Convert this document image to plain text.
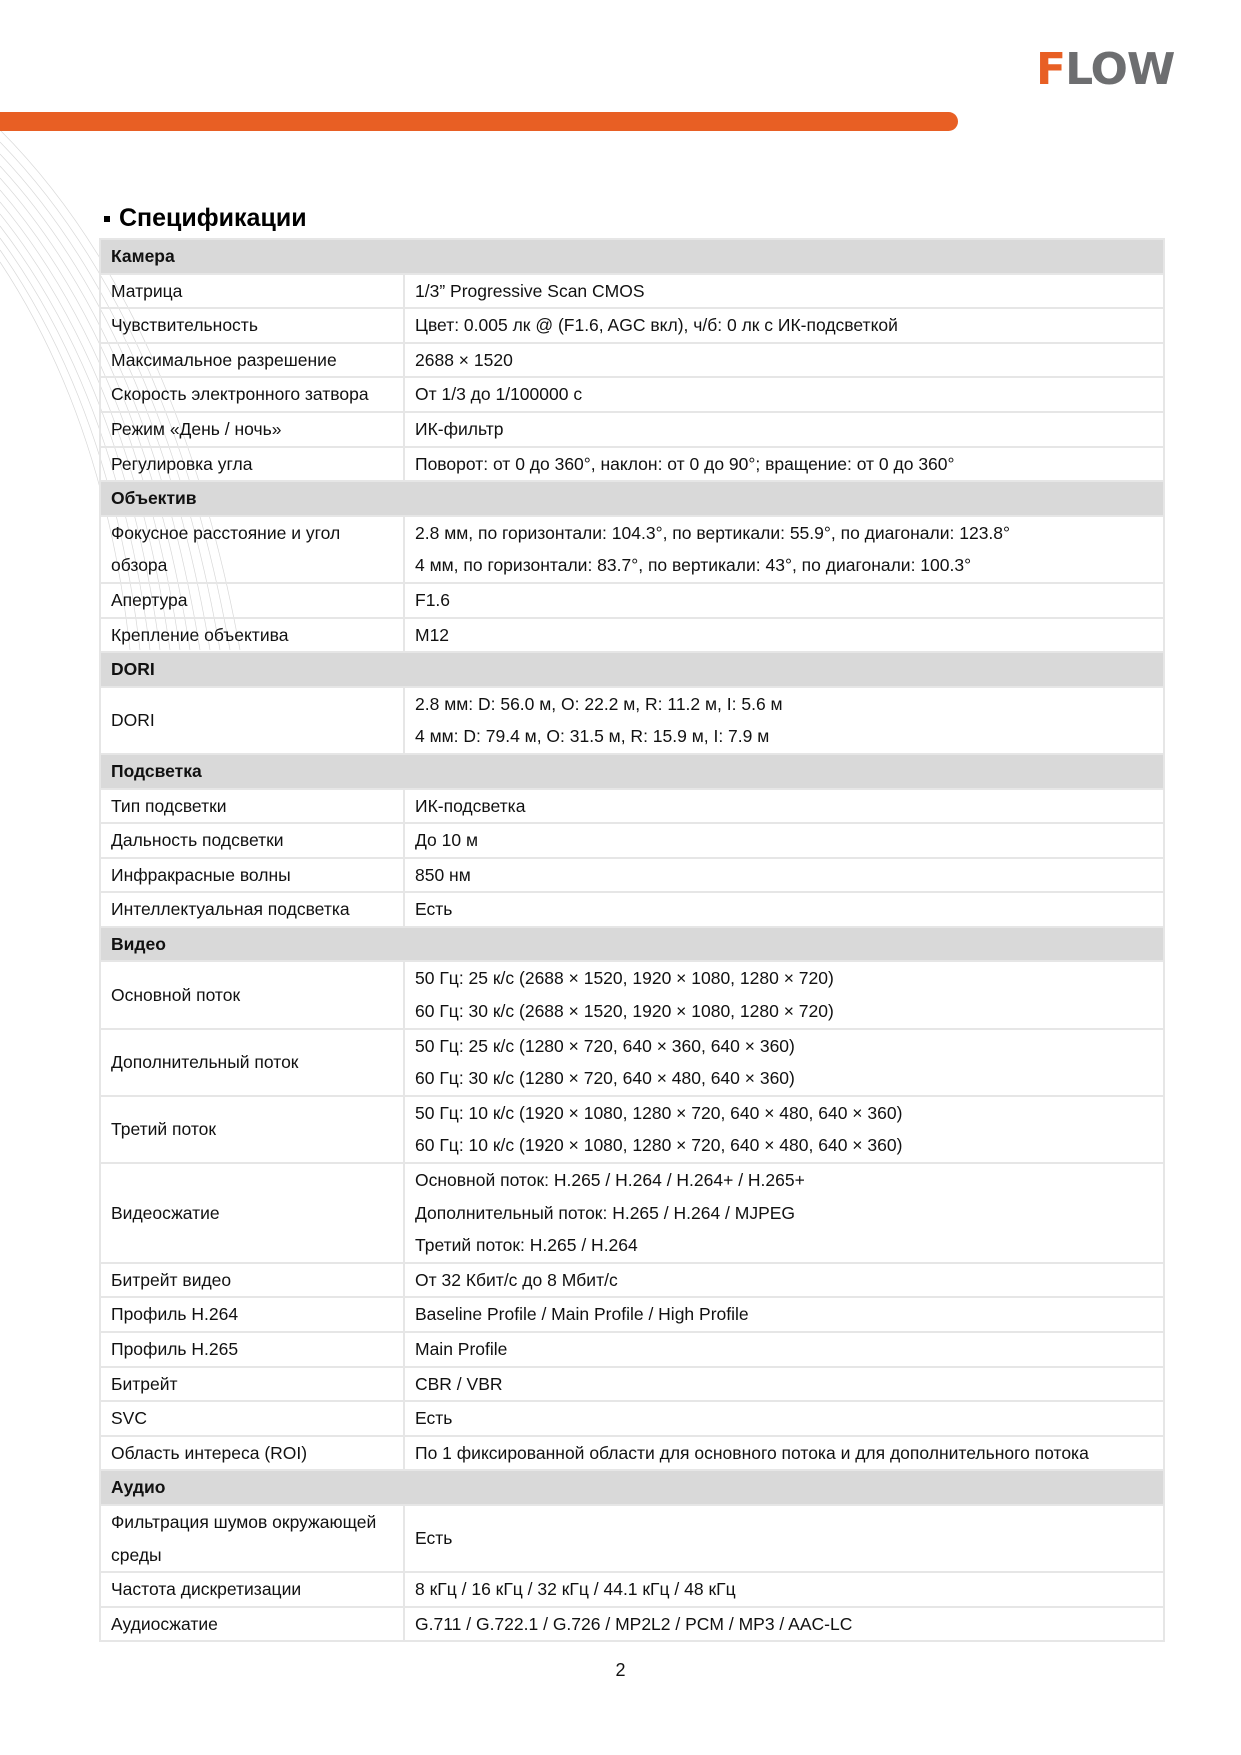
F LOW
Спецификации
Камера	
Матрица	1/3” Progressive Scan CMOS

Чувствительность	Цвет: 0.005 лк @ (F1.6, AGC вкл), ч/б: 0 лк с ИК-подсветкой

Максимальное разрешение	2688 × 1520

Скорость электронного затвора	От 1/3 до 1/100000 с

Режим «День / ночь»	ИК-фильтр

Регулировка угла	Поворот: от 0 до 360°, наклон: от 0 до 90°; вращение: от 0 до 360°

Объектив	
Фокусное расстояние и угол обзора	2.8 мм, по горизонтали: 104.3°, по вертикали: 55.9°, по диагонали: 123.8°
4 мм, по горизонтали: 83.7°, по вертикали: 43°, по диагонали: 100.3°

Апертура	F1.6

Крепление объектива	M12

DORI	
DORI	2.8 мм: D: 56.0 м, O: 22.2 м, R: 11.2 м, I: 5.6 м
4 мм: D: 79.4 м, O: 31.5 м, R: 15.9 м, I: 7.9 м

Подсветка	
Тип подсветки	ИК-подсветка

Дальность подсветки	До 10 м

Инфракрасные волны	850 нм

Интеллектуальная подсветка	Есть

Видео	
Основной поток	50 Гц: 25 к/с (2688 × 1520, 1920 × 1080, 1280 × 720)
60 Гц: 30 к/с (2688 × 1520, 1920 × 1080, 1280 × 720)

Дополнительный поток	50 Гц: 25 к/с (1280 × 720, 640 × 360, 640 × 360)
60 Гц: 30 к/с (1280 × 720, 640 × 480, 640 × 360)

Третий поток	50 Гц: 10 к/с (1920 × 1080, 1280 × 720, 640 × 480, 640 × 360)
60 Гц: 10 к/с (1920 × 1080, 1280 × 720, 640 × 480, 640 × 360)

Видеосжатие	Основной поток: H.265 / H.264 / H.264+ / H.265+
Дополнительный поток: H.265 / H.264 / MJPEG
Третий поток: H.265 / H.264

Битрейт видео	От 32 Кбит/с до 8 Мбит/с

Профиль H.264	Baseline Profile / Main Profile / High Profile

Профиль H.265	Main Profile

Битрейт	CBR / VBR

SVC	Есть

Область интереса (ROI)	По 1 фиксированной области для основного потока и для дополнительного потока

Аудио	
Фильтрация шумов окружающей среды	Есть

Частота дискретизации	8 кГц / 16 кГц / 32 кГц / 44.1 кГц / 48 кГц

Аудиосжатие	G.711 / G.722.1 / G.726 / MP2L2 / PCM / MP3 / AAC-LC
2
